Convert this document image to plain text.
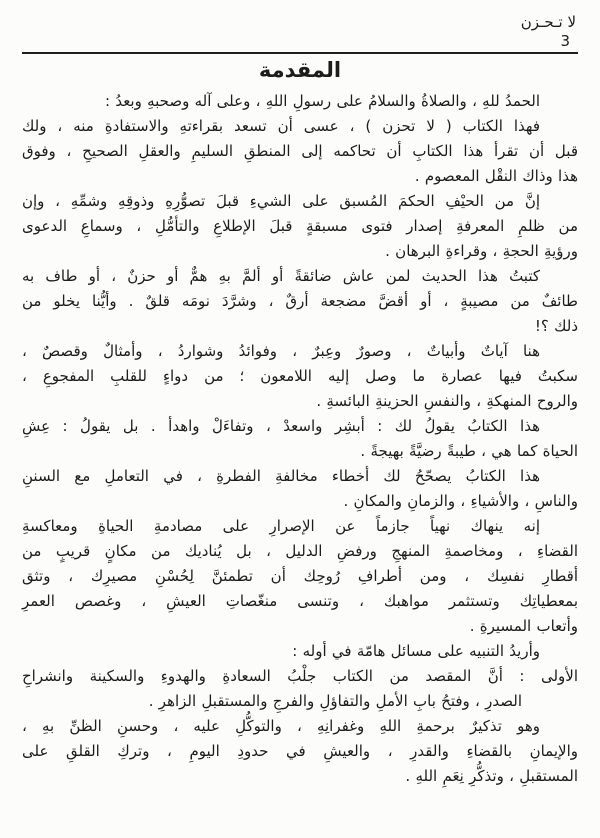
لا تـحـزن
3
المقدمة
الحمدُ للهِ ، والصلاةُ والسلامُ على رسولِ اللهِ ، وعلى آله وصحبهِ وبعدُ :
فهذا الكتاب ( لا تحزن ) ، عسى أن تسعد بقراءتهِ والاستفادةِ منه ، ولك
قبل أن تقرأ هذا الكتابِ أن تحاكمه إلى المنطقِ السليمِ والعقلِ الصحيحِ ، وفوق
هذا وذاك النقْل المعصوم .
إنَّ من الحيْفِ الحكمَ المُسبق على الشيءِ قبلَ تصوُّرِهِ وذوقِهِ وشمِّهِ ، وإن
من ظلمِ المعرفةِ إصدار فتوى مسبقةٍ قبلَ الإطلاعِ والتأمُّلِ ، وسماعِ الدعوى
ورؤيةِ الحجةِ ، وقراءةِ البرهان .
كتبتُ هذا الحديث لمن عاش ضائقةً أو ألمَّ بهِ همٌّ أو حزنٌ ، أو طاف به
طائفٌ من مصيبةٍ ، أو أقضَّ مضجعة أرقٌ ، وشرَّدَ نومَه قلقٌ . وأيُّنا يخلو من
ذلك ؟!
هنا آياتٌ وأبياتٌ ، وصورٌ وعِبرٌ ، وفوائدُ وشواردُ ، وأمثالٌ وقصصٌ ،
سكبتُ فيها عصارة ما وصل إليه اللامعون ؛ من دواءٍ للقلبِ المفجوعِ ،
والروح المنهكةِ ، والنفسِ الحزينةِ البائسةِ .
هذا الكتابُ يقولُ لك : أبشِر واسعدْ ، وتفاءَلْ واهدأ . بل يقولُ : عِشِ
الحياة كما هي ، طيبةً رضيَّةً بهيجةً .
هذا الكتابُ يصحّحُ لك أخطاء مخالفةِ الفطرةِ ، في التعاملِ مع السننِ
والناسِ ، والأشياءِ ، والزمانِ والمكانِ .
إنه ينهاك نهياً جازماً عن الإصرارِ على مصادمةِ الحياةِ ومعاكسةِ
القضاءِ ، ومخاصمةِ المنهجِ ورفضِ الدليل ، بل يُناديك من مكانٍ قريبٍ من
أقطارِ نفسِك ، ومن أطرافِ رُوحِك أن تطمئنَّ لِحُسْنِ مصيرِك ، وتثق
بمعطياتِك وتستثمر مواهبك ، وتنسى منغّصاتِ العيشِ ، وغصص العمرِ
وأتعاب المسيرةِ .
وأريدُ التنبيه على مسائل هامّة في أوله :
الأولى : أنَّ المقصد من الكتاب جلْبُ السعادةِ والهدوءِ والسكينة وانشراحِ
الصدرِ ، وفتحُ بابِ الأملِ والتفاؤلِ والفرجِ والمستقبلِ الزاهرِ .
وهو تذكيرٌ برحمةِ اللهِ وغفرانِهِ ، والتوكُّلِ عليه ، وحسنِ الظنِّ بهِ ،
والإيمانِ بالقضاءِ والقدرِ ، والعيشِ في حدودِ اليومِ ، وتركِ القلقِ على
المستقبلِ ، وتذكُّرِ نِعَمِ اللهِ .
